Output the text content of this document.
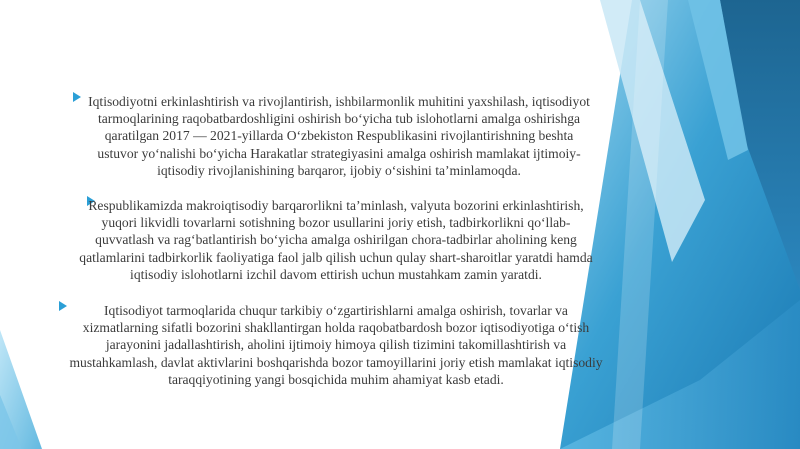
Iqtisodiyotni erkinlashtirish va rivojlantirish, ishbilarmonlik muhitini yaxshilash, iqtisodiyot tarmoqlarining raqobatbardoshligini oshirish bo‘yicha tub islohotlarni amalga oshirishga qaratilgan 2017 — 2021-yillarda O‘zbekiston Respublikasini rivojlantirishning beshta ustuvor yo‘nalishi bo‘yicha Harakatlar strategiyasini amalga oshirish mamlakat ijtimoiy-iqtisodiy rivojlanishining barqaror, ijobiy o‘sishini ta’minlamoqda.

Respublikamizda makroiqtisodiy barqarorlikni ta’minlash, valyuta bozorini erkinlashtirish, yuqori likvidli tovarlarni sotishning bozor usullarini joriy etish, tadbirkorlikni qo‘llab-quvvatlash va rag‘batlantirish bo‘yicha amalga oshirilgan chora-tadbirlar aholining keng qatlamlarini tadbirkorlik faoliyatiga faol jalb qilish uchun qulay shart-sharoitlar yaratdi hamda iqtisodiy islohotlarni izchil davom ettirish uchun mustahkam zamin yaratdi.

Iqtisodiyot tarmoqlarida chuqur tarkibiy o‘zgartirishlarni amalga oshirish, tovarlar va xizmatlarning sifatli bozorini shakllantirgan holda raqobatbardosh bozor iqtisodiyotiga o‘tish jarayonini jadallashtirish, aholini ijtimoiy himoya qilish tizimini takomillashtirish va mustahkamlash, davlat aktivlarini boshqarishda bozor tamoyillarini joriy etish mamlakat iqtisodiy taraqqiyotining yangi bosqichida muhim ahamiyat kasb etadi.
